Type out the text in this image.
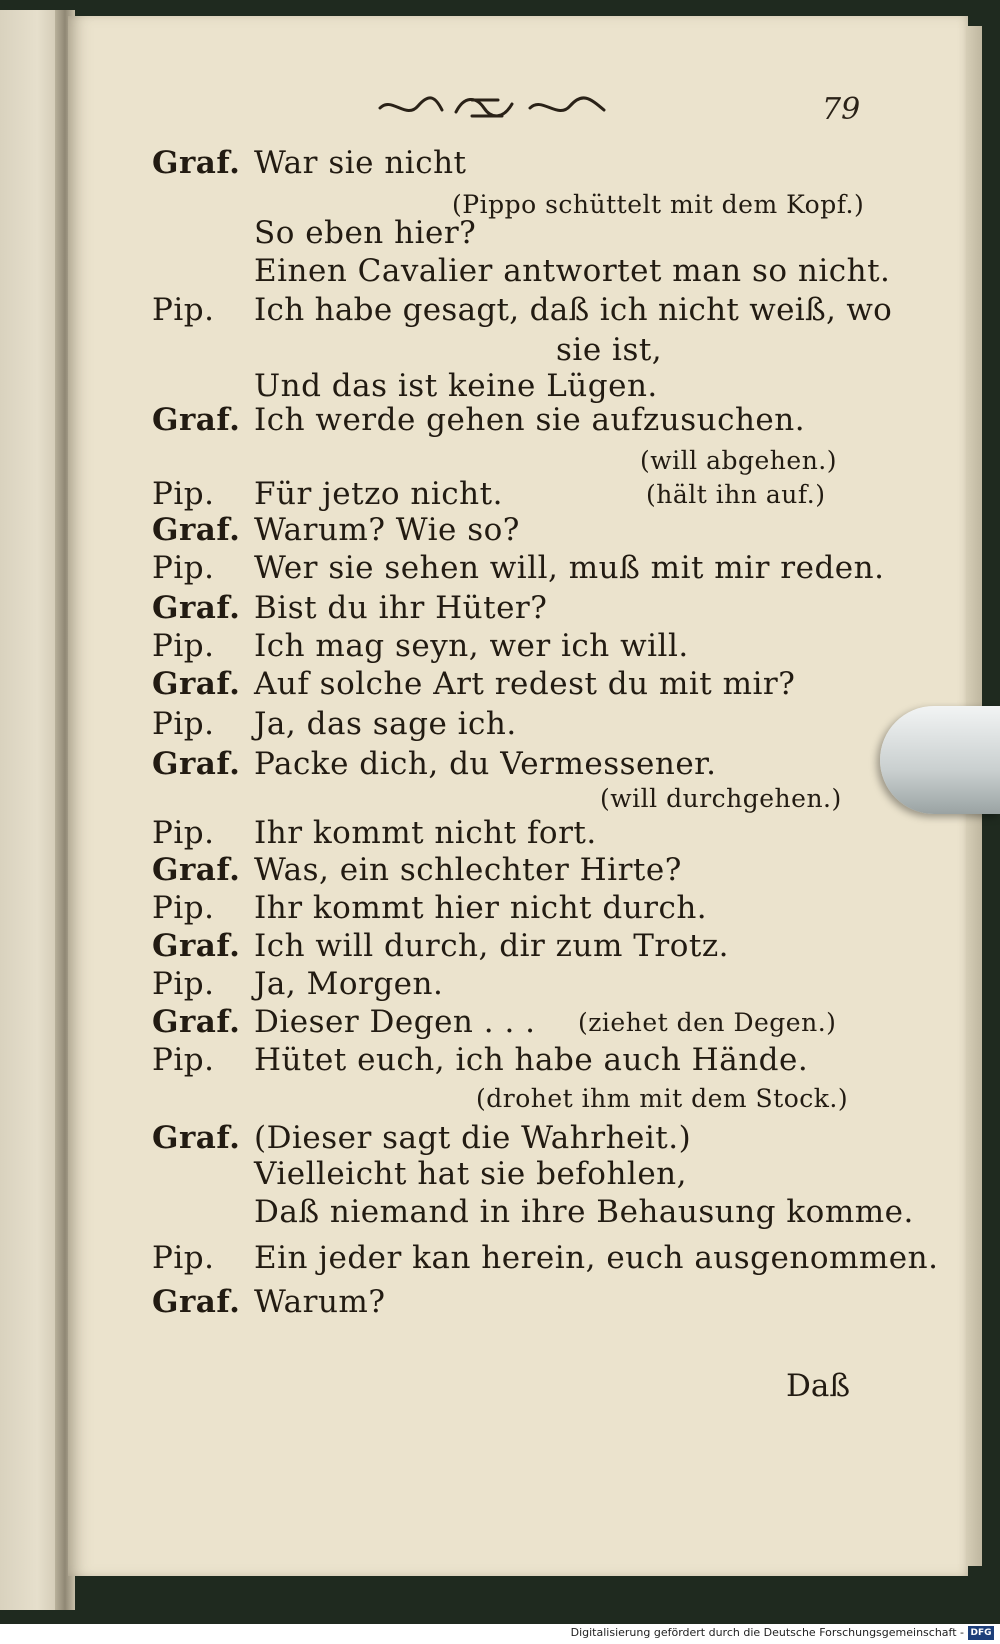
79
Graf. War sie nicht
(Pippo schüttelt mit dem Kopf.)
So eben hier?
Einen Cavalier antwortet man so nicht.
Pip. Ich habe gesagt, daß ich nicht weiß, wo
sie ist,
Und das ist keine Lügen.
Graf. Ich werde gehen sie aufzusuchen.
(will abgehen.)
Pip. Für jetzo nicht.	(hält ihn auf.)
Graf. Warum? Wie so?
Pip. Wer sie sehen will, muß mit mir reden.
Graf. Bist du ihr Hüter?
Pip. Ich mag seyn, wer ich will.
Graf. Auf solche Art redest du mit mir?
Pip. Ja, das sage ich.
Graf. Packe dich, du Vermessener.
(will durchgehen.)
Pip. Ihr kommt nicht fort.
Graf. Was, ein schlechter Hirte?
Pip. Ihr kommt hier nicht durch.
Graf. Ich will durch, dir zum Trotz.
Pip. Ja, Morgen.
Graf. Dieser Degen . . . (ziehet den Degen.)
Pip. Hütet euch, ich habe auch Hände.
(drohet ihm mit dem Stock.)
Graf. (Dieser sagt die Wahrheit.)
Vielleicht hat sie befohlen,
Daß niemand in ihre Behausung komme.
Pip. Ein jeder kan herein, euch ausgenommen.
Graf. Warum?
Daß
Digitalisierung gefördert durch die Deutsche Forschungsgemeinschaft - DFG
